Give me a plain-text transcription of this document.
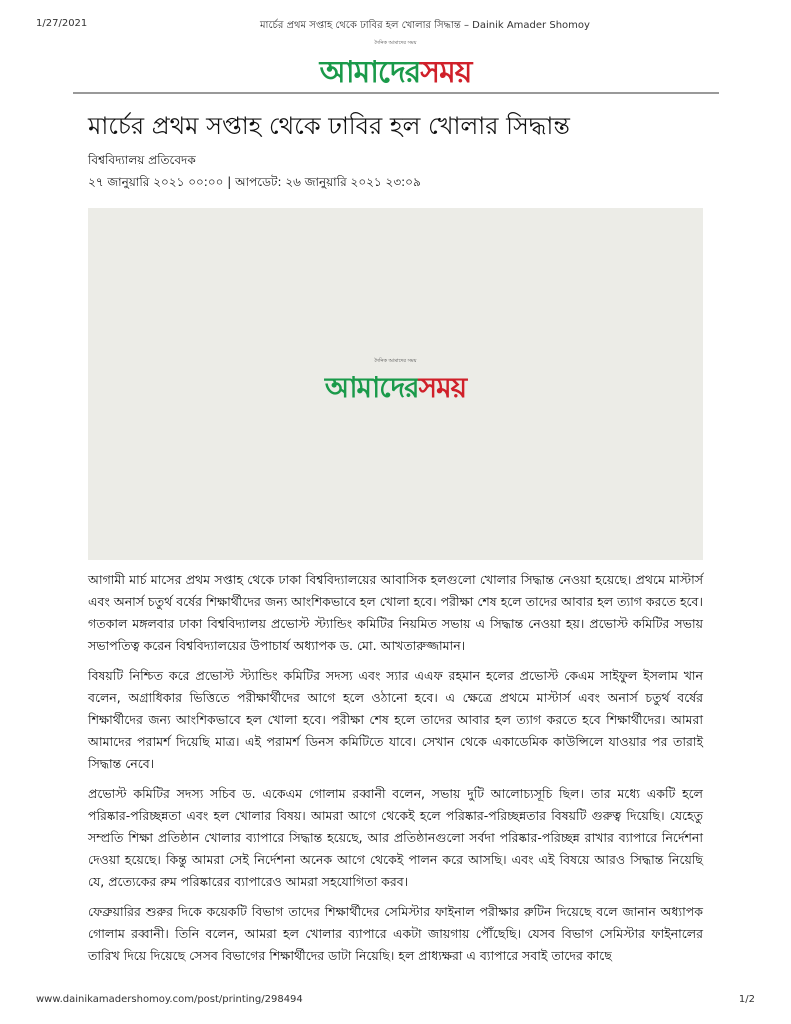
1/27/2021	মার্চের প্রথম সপ্তাহ থেকে ঢাবির হল খোলার সিদ্ধান্ত – Dainik Amader Shomoy
দৈনিক আমাদের সময়
আমাদেরসময়
মার্চের প্রথম সপ্তাহ থেকে ঢাবির হল খোলার সিদ্ধান্ত
বিশ্ববিদ্যালয় প্রতিবেদক
২৭ জানুয়ারি ২০২১ ০০:০০ | আপডেট: ২৬ জানুয়ারি ২০২১ ২৩:০৯
দৈনিক আমাদের সময়
আমাদেরসময়

আগামী মার্চ মাসের প্রথম সপ্তাহ থেকে ঢাকা বিশ্ববিদ্যালয়ের আবাসিক হলগুলো খোলার সিদ্ধান্ত নেওয়া হয়েছে। প্রথমে মাস্টার্স এবং অনার্স চতুর্থ বর্ষের শিক্ষার্থীদের জন্য আংশিকভাবে হল খোলা হবে। পরীক্ষা শেষ হলে তাদের আবার হল ত্যাগ করতে হবে। গতকাল মঙ্গলবার ঢাকা বিশ্ববিদ্যালয় প্রভোস্ট স্ট্যান্ডিং কমিটির নিয়মিত সভায় এ সিদ্ধান্ত নেওয়া হয়। প্রভোস্ট কমিটির সভায় সভাপতিত্ব করেন বিশ্ববিদ্যালয়ের উপাচার্য অধ্যাপক ড. মো. আখতারুজ্জামান।

বিষয়টি নিশ্চিত করে প্রভোস্ট স্ট্যান্ডিং কমিটির সদস্য এবং স্যার এএফ রহমান হলের প্রভোস্ট কেএম সাইফুল ইসলাম খান বলেন, অগ্রাধিকার ভিত্তিতে পরীক্ষার্থীদের আগে হলে ওঠানো হবে। এ ক্ষেত্রে প্রথমে মাস্টার্স এবং অনার্স চতুর্থ বর্ষের শিক্ষার্থীদের জন্য আংশিকভাবে হল খোলা হবে। পরীক্ষা শেষ হলে তাদের আবার হল ত্যাগ করতে হবে শিক্ষার্থীদের। আমরা আমাদের পরামর্শ দিয়েছি মাত্র। এই পরামর্শ ডিনস কমিটিতে যাবে। সেখান থেকে একাডেমিক কাউন্সিলে যাওয়ার পর তারাই সিদ্ধান্ত নেবে।

প্রভোস্ট কমিটির সদস্য সচিব ড. একেএম গোলাম রব্বানী বলেন, সভায় দুটি আলোচ্যসূচি ছিল। তার মধ্যে একটি হলে পরিষ্কার-পরিচ্ছন্নতা এবং হল খোলার বিষয়। আমরা আগে থেকেই হলে পরিষ্কার-পরিচ্ছন্নতার বিষয়টি গুরুত্ব দিয়েছি। যেহেতু সম্প্রতি শিক্ষা প্রতিষ্ঠান খোলার ব্যাপারে সিদ্ধান্ত হয়েছে, আর প্রতিষ্ঠানগুলো সর্বদা পরিষ্কার-পরিচ্ছন্ন রাখার ব্যাপারে নির্দেশনা দেওয়া হয়েছে। কিন্তু আমরা সেই নির্দেশনা অনেক আগে থেকেই পালন করে আসছি। এবং এই বিষয়ে আরও সিদ্ধান্ত নিয়েছি যে, প্রত্যেকের রুম পরিষ্কারের ব্যাপারেও আমরা সহযোগিতা করব।

ফেব্রুয়ারির শুরুর দিকে কয়েকটি বিভাগ তাদের শিক্ষার্থীদের সেমিস্টার ফাইনাল পরীক্ষার রুটিন দিয়েছে বলে জানান অধ্যাপক গোলাম রব্বানী। তিনি বলেন, আমরা হল খোলার ব্যাপারে একটা জায়গায় পৌঁছেছি। যেসব বিভাগ সেমিস্টার ফাইনালের তারিখ দিয়ে দিয়েছে সেসব বিভাগের শিক্ষার্থীদের ডাটা নিয়েছি। হল প্রাধ্যক্ষরা এ ব্যাপারে সবাই তাদের কাছে

www.dainikamadershomoy.com/post/printing/298494	1/2
